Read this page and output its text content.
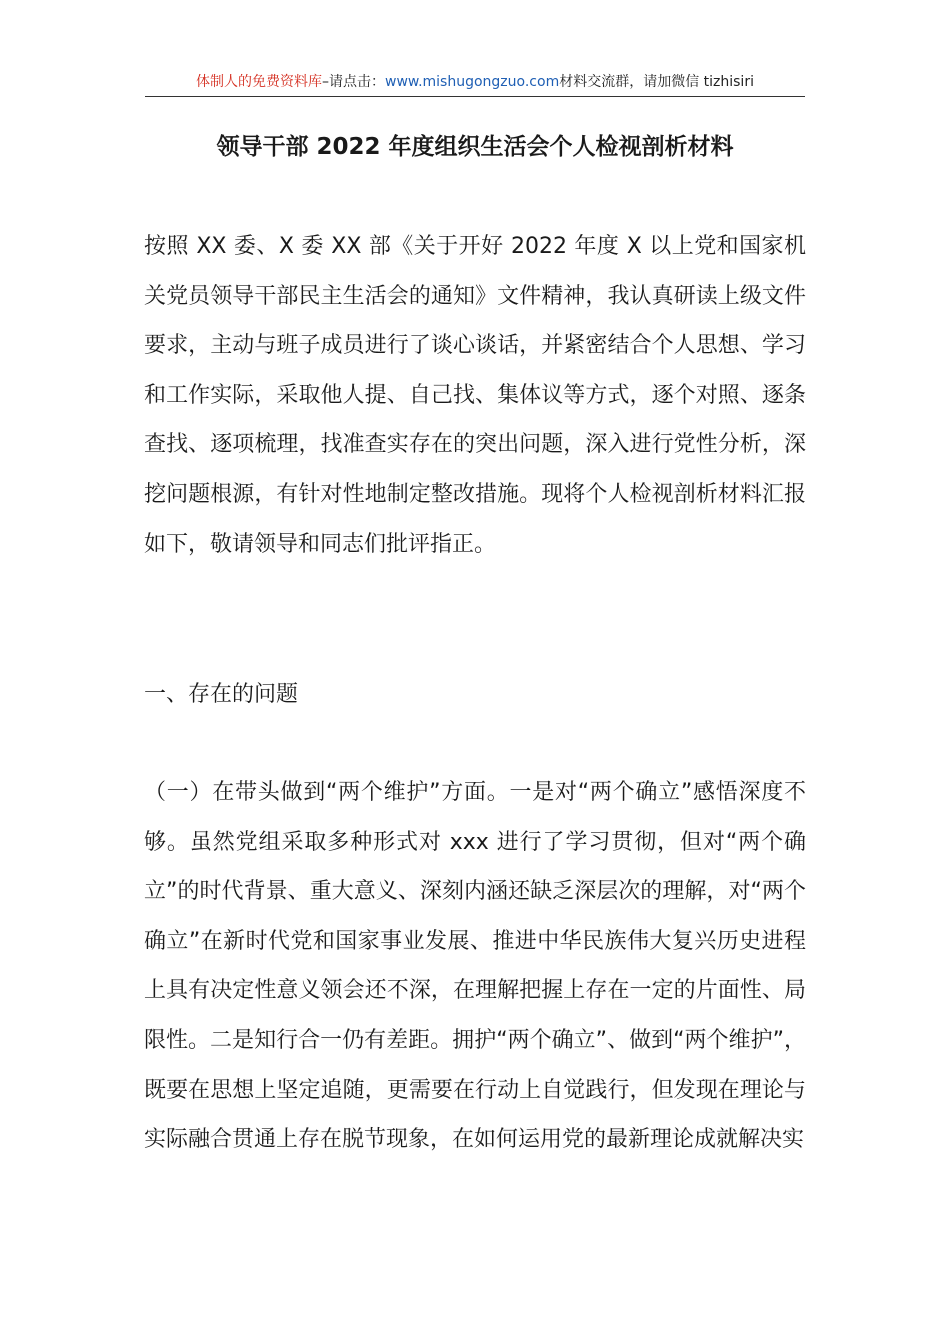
体制人的免费资料库–请点击：www.mishugongzuo.com材料交流群，请加微信 tizhisiri
领导干部 2022 年度组织生活会个人检视剖析材料

按照 XX 委、X 委 XX 部《关于开好 2022 年度 X 以上党和国家机关党员领导干部民主生活会的通知》文件精神，我认真研读上级文件要求，主动与班子成员进行了谈心谈话，并紧密结合个人思想、学习和工作实际，采取他人提、自己找、集体议等方式，逐个对照、逐条查找、逐项梳理，找准查实存在的突出问题，深入进行党性分析，深挖问题根源，有针对性地制定整改措施。现将个人检视剖析材料汇报如下，敬请领导和同志们批评指正。

一、存在的问题

（一）在带头做到“两个维护”方面。一是对“两个确立”感悟深度不够。虽然党组采取多种形式对 xxx 进行了学习贯彻，但对“两个确立”的时代背景、重大意义、深刻内涵还缺乏深层次的理解，对“两个确立”在新时代党和国家事业发展、推进中华民族伟大复兴历史进程上具有决定性意义领会还不深，在理解把握上存在一定的片面性、局限性。二是知行合一仍有差距。拥护“两个确立”、做到“两个维护”，既要在思想上坚定追随，更需要在行动上自觉践行，但发现在理论与实际融合贯通上存在脱节现象，在如何运用党的最新理论成就解决实
